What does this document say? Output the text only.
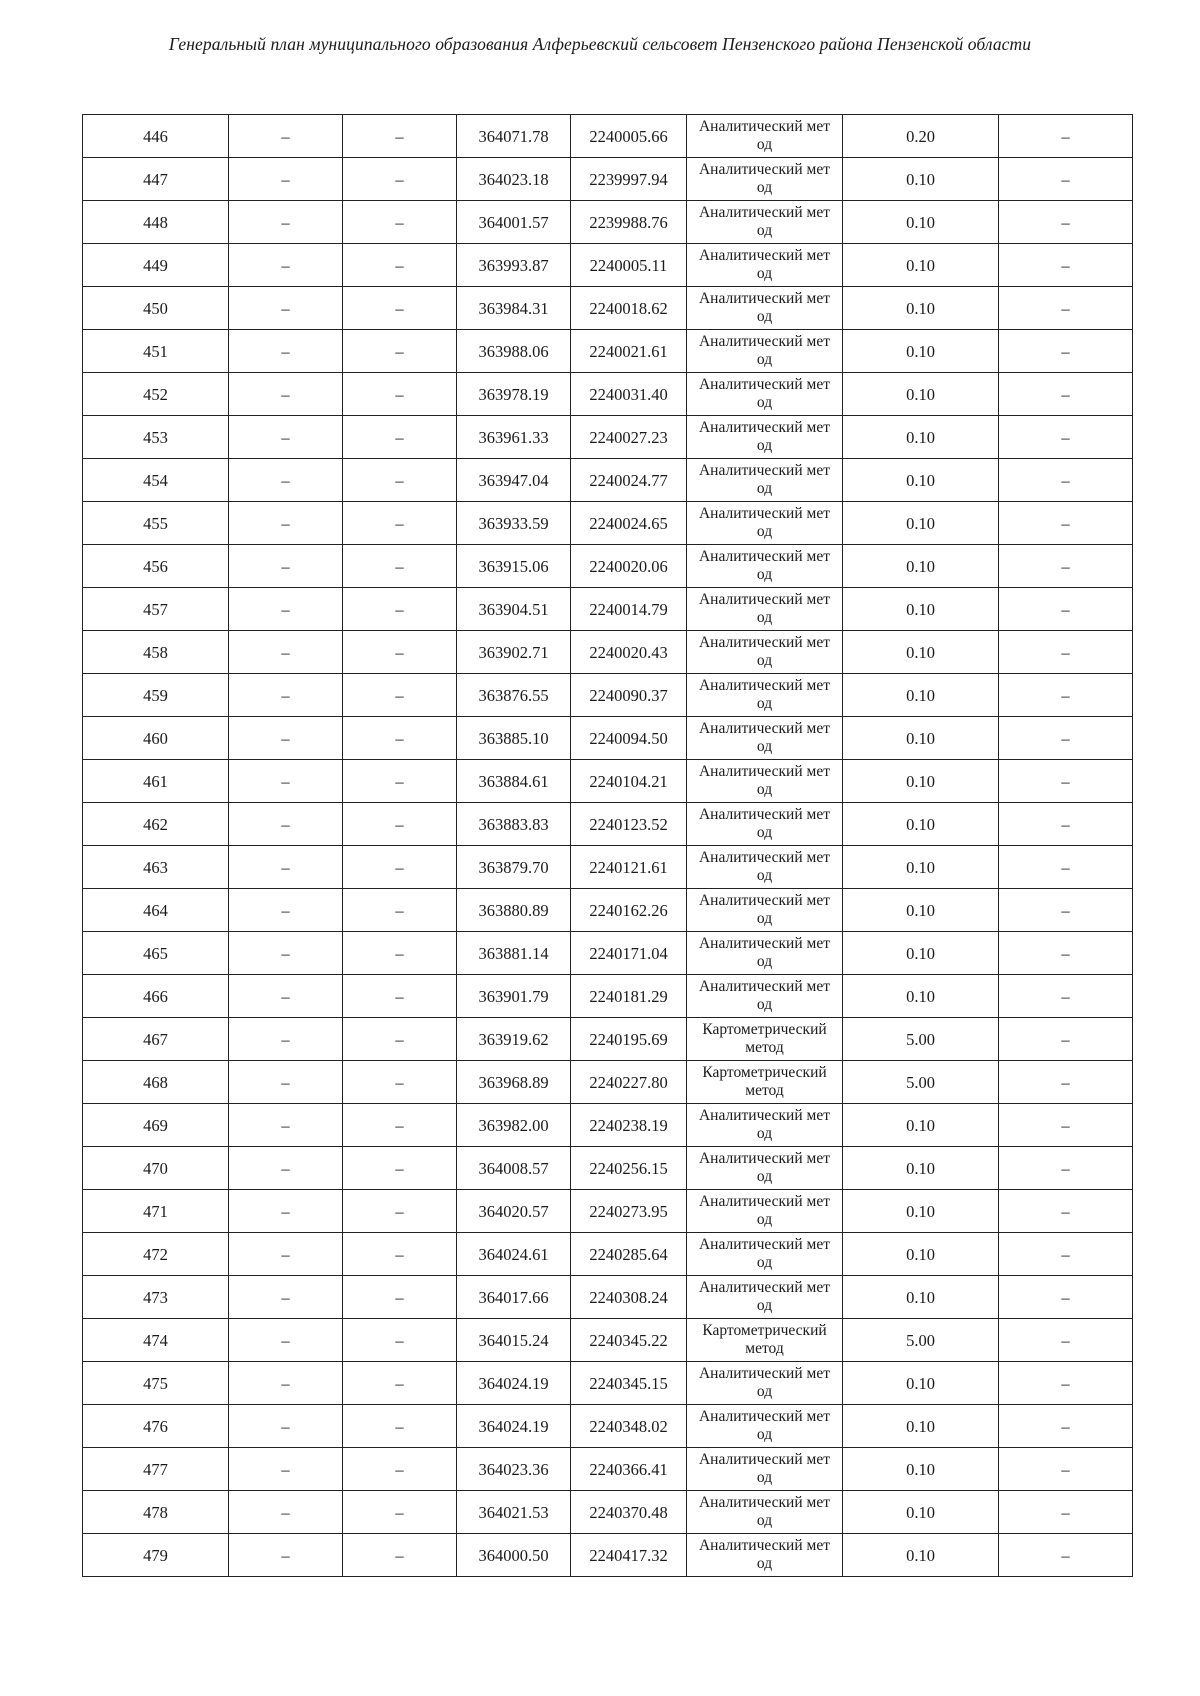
Генеральный план муниципального образования Алферьевский сельсовет Пензенского района Пензенской области
446	–	–	364071.78	2240005.66	Аналитический метод	0.20	–
447	–	–	364023.18	2239997.94	Аналитический метод	0.10	–
448	–	–	364001.57	2239988.76	Аналитический метод	0.10	–
449	–	–	363993.87	2240005.11	Аналитический метод	0.10	–
450	–	–	363984.31	2240018.62	Аналитический метод	0.10	–
451	–	–	363988.06	2240021.61	Аналитический метод	0.10	–
452	–	–	363978.19	2240031.40	Аналитический метод	0.10	–
453	–	–	363961.33	2240027.23	Аналитический метод	0.10	–
454	–	–	363947.04	2240024.77	Аналитический метод	0.10	–
455	–	–	363933.59	2240024.65	Аналитический метод	0.10	–
456	–	–	363915.06	2240020.06	Аналитический метод	0.10	–
457	–	–	363904.51	2240014.79	Аналитический метод	0.10	–
458	–	–	363902.71	2240020.43	Аналитический метод	0.10	–
459	–	–	363876.55	2240090.37	Аналитический метод	0.10	–
460	–	–	363885.10	2240094.50	Аналитический метод	0.10	–
461	–	–	363884.61	2240104.21	Аналитический метод	0.10	–
462	–	–	363883.83	2240123.52	Аналитический метод	0.10	–
463	–	–	363879.70	2240121.61	Аналитический метод	0.10	–
464	–	–	363880.89	2240162.26	Аналитический метод	0.10	–
465	–	–	363881.14	2240171.04	Аналитический метод	0.10	–
466	–	–	363901.79	2240181.29	Аналитический метод	0.10	–
467	–	–	363919.62	2240195.69	Картометрический метод	5.00	–
468	–	–	363968.89	2240227.80	Картометрический метод	5.00	–
469	–	–	363982.00	2240238.19	Аналитический метод	0.10	–
470	–	–	364008.57	2240256.15	Аналитический метод	0.10	–
471	–	–	364020.57	2240273.95	Аналитический метод	0.10	–
472	–	–	364024.61	2240285.64	Аналитический метод	0.10	–
473	–	–	364017.66	2240308.24	Аналитический метод	0.10	–
474	–	–	364015.24	2240345.22	Картометрический метод	5.00	–
475	–	–	364024.19	2240345.15	Аналитический метод	0.10	–
476	–	–	364024.19	2240348.02	Аналитический метод	0.10	–
477	–	–	364023.36	2240366.41	Аналитический метод	0.10	–
478	–	–	364021.53	2240370.48	Аналитический метод	0.10	–
479	–	–	364000.50	2240417.32	Аналитический метод	0.10	–
